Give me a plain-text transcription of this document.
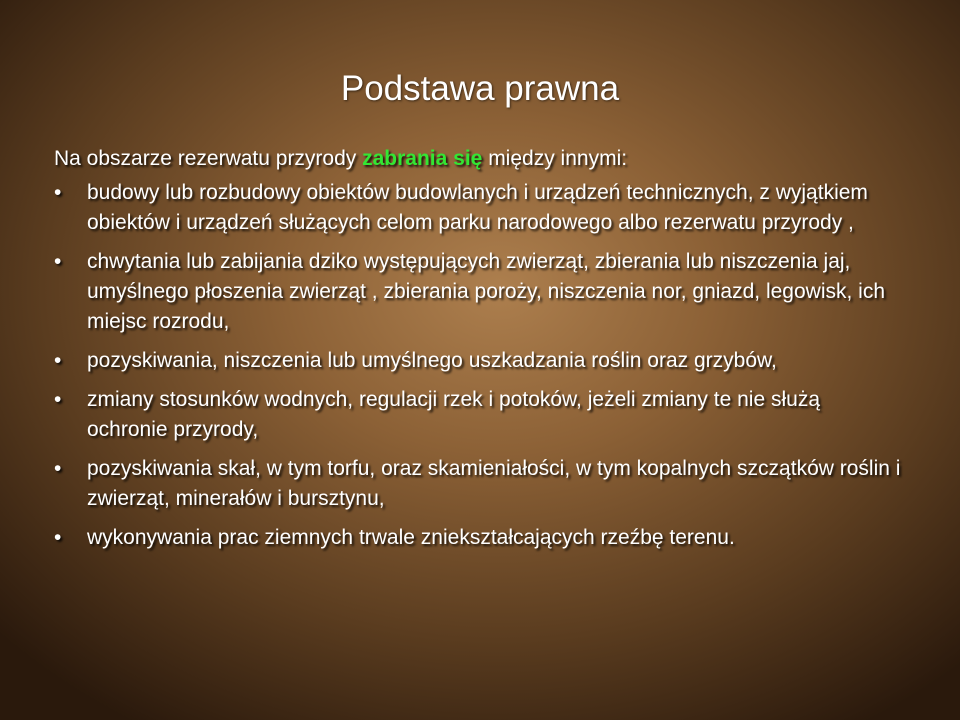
Podstawa prawna

Na obszarze rezerwatu przyrody zabrania się między innymi:

•	budowy lub rozbudowy obiektów budowlanych i urządzeń technicznych, z wyjątkiem obiektów i urządzeń służących celom parku narodowego albo rezerwatu przyrody ,
•	chwytania lub zabijania dziko występujących zwierząt, zbierania lub niszczenia jaj, umyślnego płoszenia zwierząt , zbierania poroży, niszczenia nor, gniazd, legowisk, ich miejsc rozrodu,
•	pozyskiwania, niszczenia lub umyślnego uszkadzania roślin oraz grzybów,
•	zmiany stosunków wodnych, regulacji rzek i potoków, jeżeli zmiany te nie służą ochronie przyrody,
•	pozyskiwania skał, w tym torfu, oraz skamieniałości, w tym kopalnych szczątków roślin i zwierząt, minerałów i bursztynu,
•	wykonywania prac ziemnych trwale zniekształcających rzeźbę terenu.
